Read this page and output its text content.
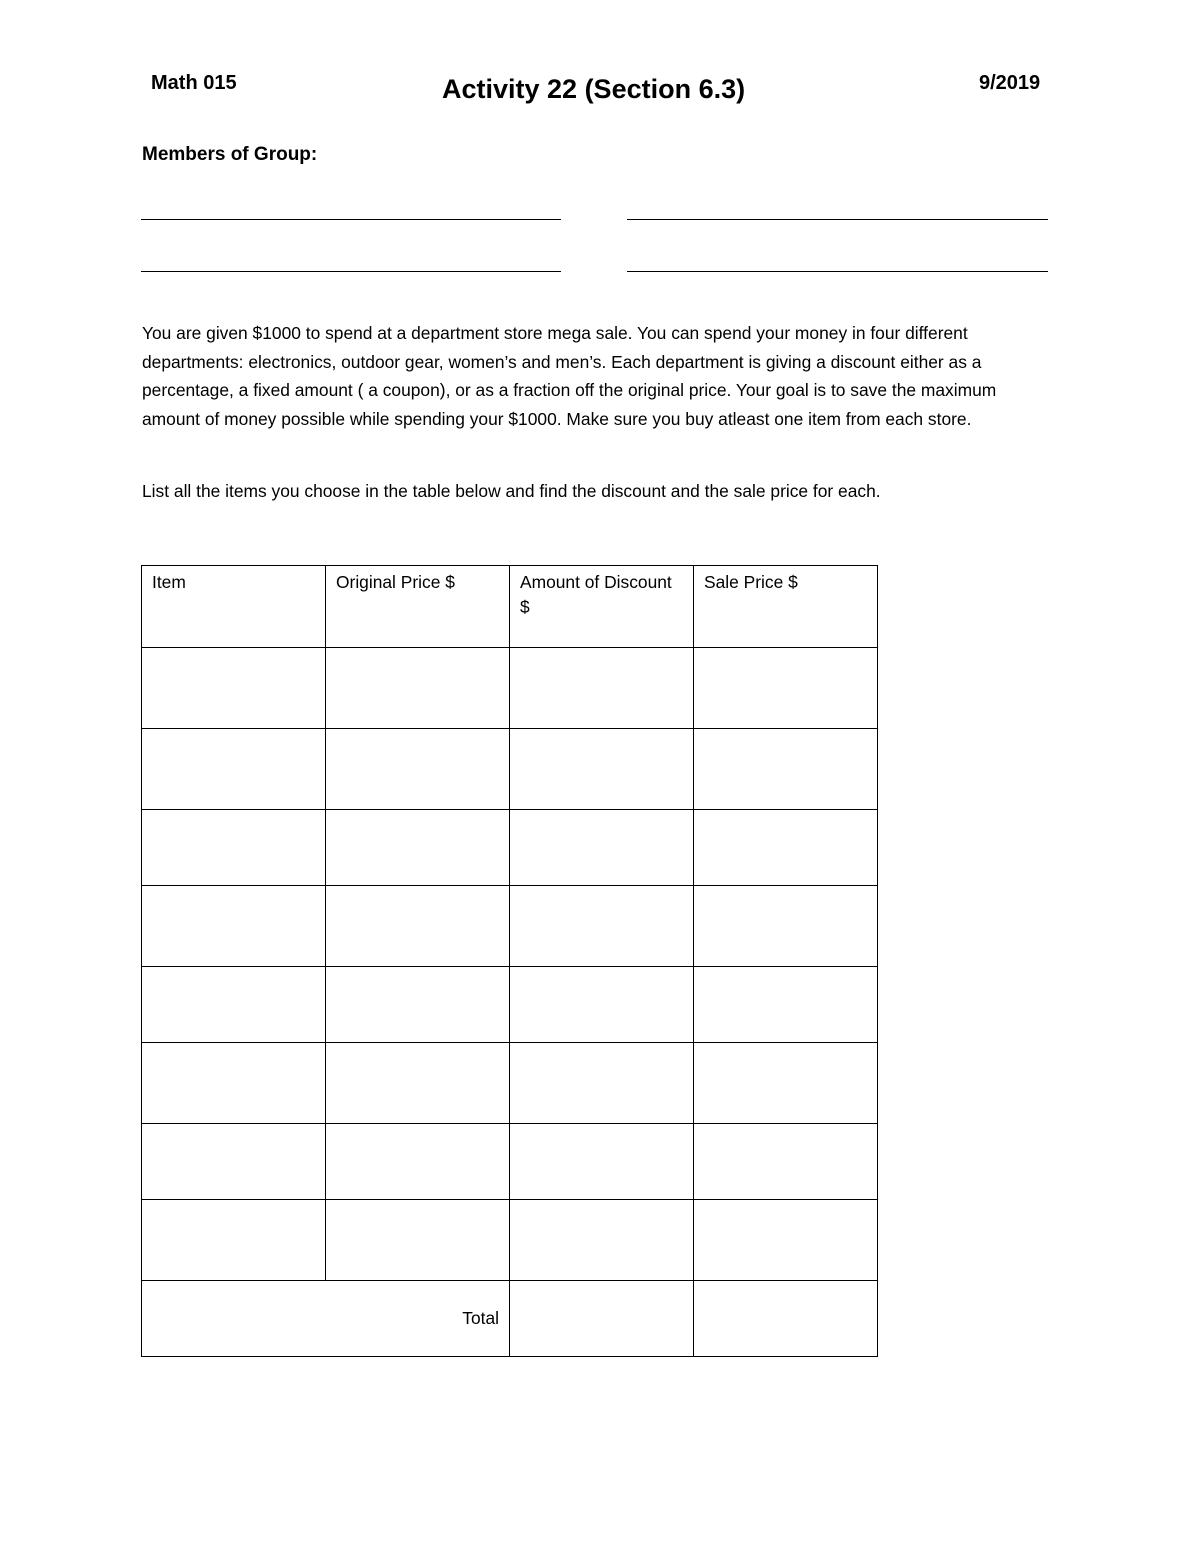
Math 015	Activity 22 (Section 6.3)	9/2019
Members of Group:

You are given $1000 to spend at a department store mega sale. You can spend your money in four different departments: electronics, outdoor gear, women’s and men’s. Each department is giving a discount either as a percentage, a fixed amount ( a coupon), or as a fraction off the original price. Your goal is to save the maximum amount of money possible while spending your $1000. Make sure you buy atleast one item from each store.

List all the items you choose in the table below and find the discount and the sale price for each.

Item	Original Price $	Amount of Discount $	Sale Price $

Total			
